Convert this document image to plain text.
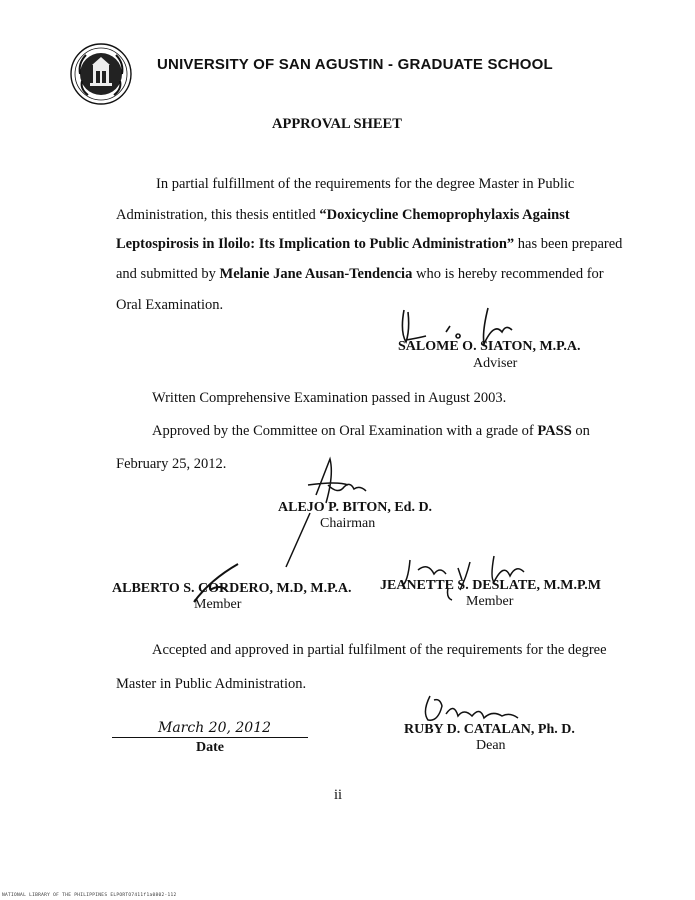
UNIVERSITY OF SAN AGUSTIN - GRADUATE SCHOOL
APPROVAL SHEET
In partial fulfillment of the requirements for the degree Master in Public
Administration, this thesis entitled “Doxicycline Chemoprophylaxis Against
Leptospirosis in Iloilo: Its Implication to Public Administration” has been prepared
and submitted by Melanie Jane Ausan-Tendencia who is hereby recommended for
Oral Examination.
SALOME O. SIATON, M.P.A.
Adviser
Written Comprehensive Examination passed in August 2003.
Approved by the Committee on Oral Examination with a grade of PASS on
February 25, 2012.
ALEJO P. BITON, Ed. D.
Chairman
ALBERTO S. CORDERO, M.D, M.P.A.
Member
JEANETTE S. DESLATE, M.M.P.M
Member
Accepted and approved in partial fulfilment of the requirements for the degree
Master in Public Administration.
March 20, 2012
Date
RUBY D. CATALAN, Ph. D.
Dean
ii
NATIONAL LIBRARY OF THE PHILIPPINES ELPORTO7411f1a0802-112
